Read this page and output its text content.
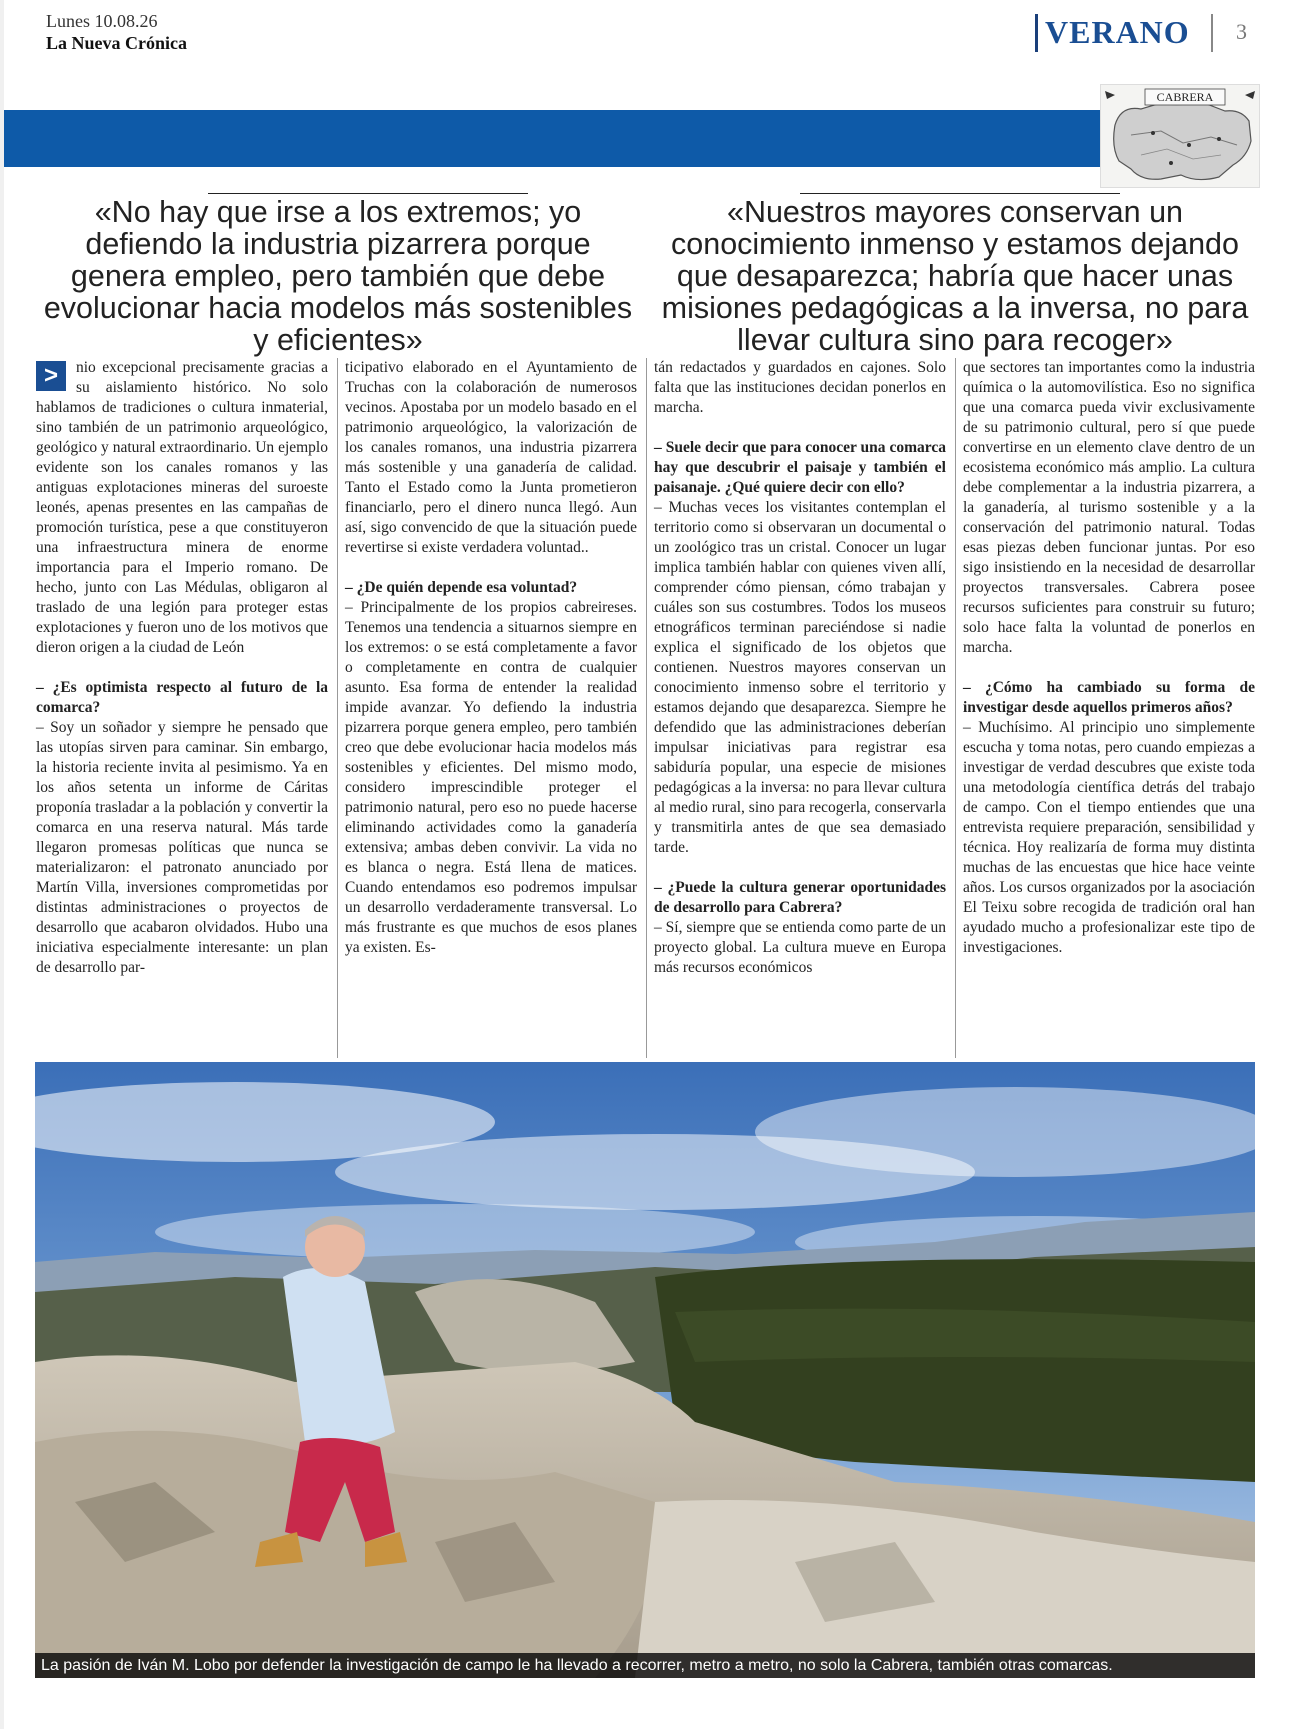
Lunes 10.08.26
La Nueva Crónica	VERANO 3
CABRERA
«No hay que irse a los extremos; yo defiendo la industria pizarrera porque genera empleo, pero también que debe evolucionar hacia modelos más sostenibles y eficientes»
«Nuestros mayores conservan un conocimiento inmenso y estamos dejando que desaparezca; habría que hacer unas misiones pedagógicas a la inversa, no para llevar cultura sino para recoger»
>	nio excepcional precisamente gracias a su aislamiento histórico. No solo hablamos de tradiciones o cultura inmaterial, sino también de un patrimonio arqueológico, geológico y natural extraordinario. Un ejemplo evidente son los canales romanos y las antiguas explotaciones mineras del suroeste leonés, apenas presentes en las campañas de promoción turística, pese a que constituyeron una infraestructura minera de enorme importancia para el Imperio romano. De hecho, junto con Las Médulas, obligaron al traslado de una legión para proteger estas explotaciones y fueron uno de los motivos que dieron origen a la ciudad de León

– ¿Es optimista respecto al futuro de la comarca?

– Soy un soñador y siempre he pensado que las utopías sirven para caminar. Sin embargo, la historia reciente invita al pesimismo. Ya en los años setenta un informe de Cáritas proponía trasladar a la población y convertir la comarca en una reserva natural. Más tarde llegaron promesas políticas que nunca se materializaron: el patronato anunciado por Martín Villa, inversiones comprometidas por distintas administraciones o proyectos de desarrollo que acabaron olvidados. Hubo una iniciativa especialmente interesante: un plan de desarrollo par-

ticipativo elaborado en el Ayuntamiento de Truchas con la colaboración de numerosos vecinos. Apostaba por un modelo basado en el patrimonio arqueológico, la valorización de los canales romanos, una industria pizarrera más sostenible y una ganadería de calidad. Tanto el Estado como la Junta prometieron financiarlo, pero el dinero nunca llegó. Aun así, sigo convencido de que la situación puede revertirse si existe verdadera voluntad..

– ¿De quién depende esa voluntad?

– Principalmente de los propios cabreireses. Tenemos una tendencia a situarnos siempre en los extremos: o se está completamente a favor o completamente en contra de cualquier asunto. Esa forma de entender la realidad impide avanzar. Yo defiendo la industria pizarrera porque genera empleo, pero también creo que debe evolucionar hacia modelos más sostenibles y eficientes. Del mismo modo, considero imprescindible proteger el patrimonio natural, pero eso no puede hacerse eliminando actividades como la ganadería extensiva; ambas deben convivir. La vida no es blanca o negra. Está llena de matices. Cuando entendamos eso podremos impulsar un desarrollo verdaderamente transversal. Lo más frustrante es que muchos de esos planes ya existen. Es-

tán redactados y guardados en cajones. Solo falta que las instituciones decidan ponerlos en marcha.

– Suele decir que para conocer una comarca hay que descubrir el paisaje y también el paisanaje. ¿Qué quiere decir con ello?

– Muchas veces los visitantes contemplan el territorio como si observaran un documental o un zoológico tras un cristal. Conocer un lugar implica también hablar con quienes viven allí, comprender cómo piensan, cómo trabajan y cuáles son sus costumbres. Todos los museos etnográficos terminan pareciéndose si nadie explica el significado de los objetos que contienen. Nuestros mayores conservan un conocimiento inmenso sobre el territorio y estamos dejando que desaparezca. Siempre he defendido que las administraciones deberían impulsar iniciativas para registrar esa sabiduría popular, una especie de misiones pedagógicas a la inversa: no para llevar cultura al medio rural, sino para recogerla, conservarla y transmitirla antes de que sea demasiado tarde.

– ¿Puede la cultura generar oportunidades de desarrollo para Cabrera?

– Sí, siempre que se entienda como parte de un proyecto global. La cultura mueve en Europa más recursos económicos

que sectores tan importantes como la industria química o la automovilística. Eso no significa que una comarca pueda vivir exclusivamente de su patrimonio cultural, pero sí que puede convertirse en un elemento clave dentro de un ecosistema económico más amplio. La cultura debe complementar a la industria pizarrera, a la ganadería, al turismo sostenible y a la conservación del patrimonio natural. Todas esas piezas deben funcionar juntas. Por eso sigo insistiendo en la necesidad de desarrollar proyectos transversales. Cabrera posee recursos suficientes para construir su futuro; solo hace falta la voluntad de ponerlos en marcha.

– ¿Cómo ha cambiado su forma de investigar desde aquellos primeros años?

– Muchísimo. Al principio uno simplemente escucha y toma notas, pero cuando empiezas a investigar de verdad descubres que existe toda una metodología científica detrás del trabajo de campo. Con el tiempo entiendes que una entrevista requiere preparación, sensibilidad y técnica. Hoy realizaría de forma muy distinta muchas de las encuestas que hice hace veinte años. Los cursos organizados por la asociación El Teixu sobre recogida de tradición oral han ayudado mucho a profesionalizar este tipo de investigaciones.

La pasión de Iván M. Lobo por defender la investigación de campo le ha llevado a recorrer, metro a metro, no solo la Cabrera, también otras comarcas.
